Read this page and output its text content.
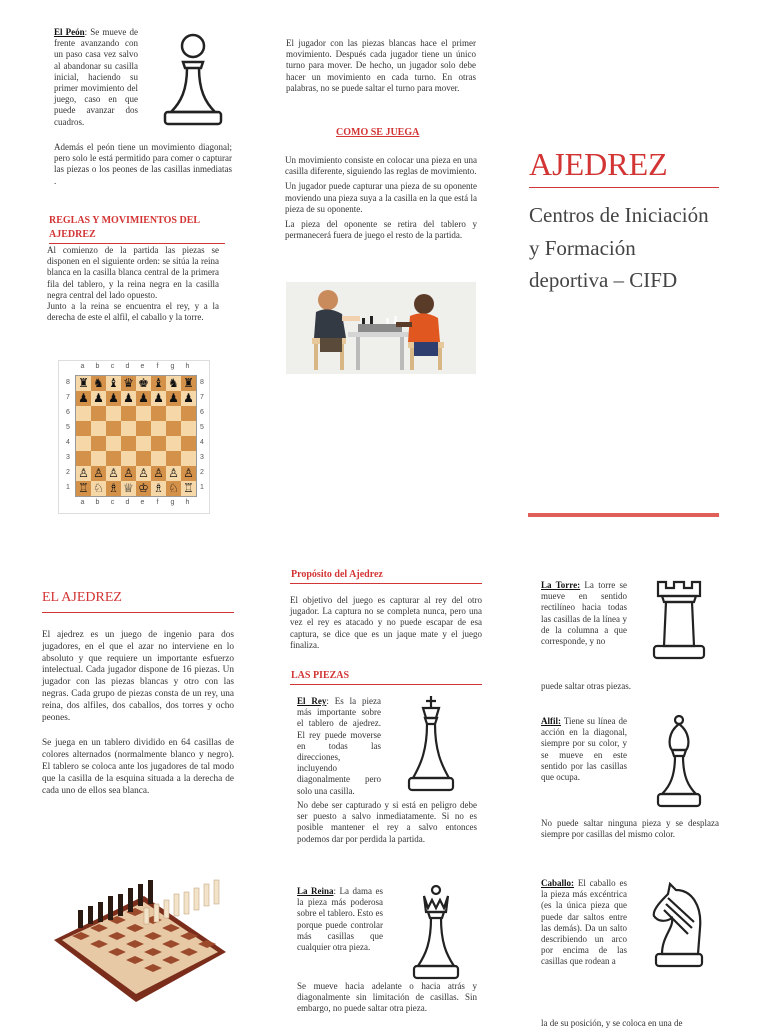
El Peón: Se mueve de frente avanzando con un paso casa vez salvo al abandonar su casilla inicial, haciendo su primer movimiento del juego, caso en que puede avanzar dos cuadros.
Además el peón tiene un movimiento diagonal; pero solo le está permitido para comer o capturar las piezas o los peones de las casillas inmediatas .
REGLAS Y MOVIMIENTOS DEL AJEDREZ

Al comienzo de la partida las piezas se disponen en el siguiente orden: se sitúa la reina blanca en la casilla blanca central de la primera fila del tablero, y la reina negra en la casilla negra central del lado opuesto.

Junto a la reina se encuentra el rey, y a la derecha de este el alfil, el caballo y la torre.

a	b	c	d	e	f	g	h
a	b	c	d	e	f	g	h
8
7
6
5
4
3
2
1
8
7
6
5
4
3
2
1
♜ ♞ ♝ ♛ ♚ ♝ ♞ ♜
♟ ♟ ♟ ♟ ♟ ♟ ♟ ♟
♙ ♙ ♙ ♙ ♙ ♙ ♙ ♙
♖ ♘ ♗ ♕ ♔ ♗ ♘ ♖
El jugador con las piezas blancas hace el primer movimiento. Después cada jugador tiene un único turno para mover. De hecho, un jugador solo debe hacer un movimiento en cada turno. En otras palabras, no se puede saltar el turno para mover.
COMO SE JUEGA

Un movimiento consiste en colocar una pieza en una casilla diferente, siguiendo las reglas de movimiento.

Un jugador puede capturar una pieza de su oponente moviendo una pieza suya a la casilla en la que está la pieza de su oponente.

La pieza del oponente se retira del tablero y permanecerá fuera de juego el resto de la partida.

AJEDREZ
Centros de Iniciación y Formación deportiva – CIFD
EL AJEDREZ

El ajedrez es un juego de ingenio para dos jugadores, en el que el azar no interviene en lo absoluto y que requiere un importante esfuerzo intelectual. Cada jugador dispone de 16 piezas. Un jugador con las piezas blancas y otro con las negras. Cada grupo de piezas consta de un rey, una reina, dos alfiles, dos caballos, dos torres y ocho peones.

Se juega en un tablero dividido en 64 casillas de colores alternados (normalmente blanco y negro). El tablero se coloca ante los jugadores de tal modo que la casilla de la esquina situada a la derecha de cada uno de ellos sea blanca.

Propósito del Ajedrez
El objetivo del juego es capturar al rey del otro jugador. La captura no se completa nunca, pero una vez el rey es atacado y no puede escapar de esa captura, se dice que es un jaque mate y el juego finaliza.
LAS PIEZAS
El Rey: Es la pieza más importante sobre el tablero de ajedrez. El rey puede moverse en todas las direcciones, incluyendo diagonalmente pero solo una casilla.
No debe ser capturado y si está en peligro debe ser puesto a salvo inmediatamente. Si no es posible mantener el rey a salvo entonces podemos dar por perdida la partida.
La Reina: La dama es la pieza más poderosa sobre el tablero. Esto es porque puede controlar más casillas que cualquier otra pieza.
Se mueve hacia adelante o hacia atrás y diagonalmente sin limitación de casillas. Sin embargo, no puede saltar otra pieza.
La Torre: La torre se mueve en sentido rectilíneo hacia todas las casillas de la línea y de la columna a que corresponde, y no
puede saltar otras piezas.
Alfil: Tiene su línea de acción en la diagonal, siempre por su color, y se mueve en este sentido por las casillas que ocupa.
No puede saltar ninguna pieza y se desplaza siempre por casillas del mismo color.
Caballo: El caballo es la pieza más excéntrica (es la única pieza que puede dar saltos entre las demás). Da un salto describiendo un arco por encima de las casillas que rodean a
la de su posición, y se coloca en una de
